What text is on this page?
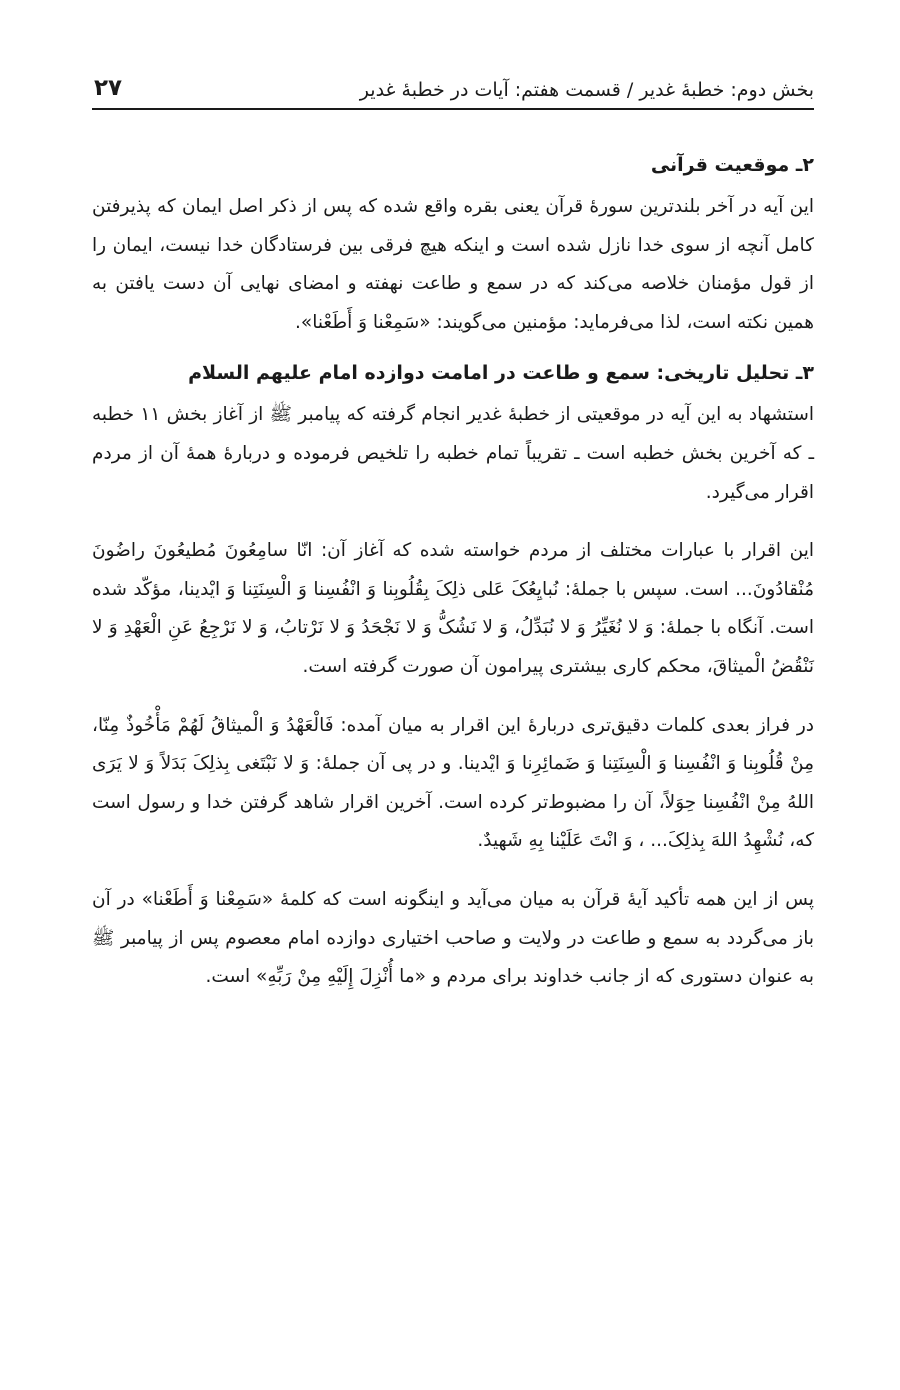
بخش دوم: خطبۀ غدیر / قسمت هفتم: آیات در خطبۀ غدیر
۲۷
۲ـ موقعیت قرآنی

این آیه در آخر بلندترین سورۀ قرآن یعنی بقره واقع شده که پس از ذکر اصل ایمان که پذیرفتن کامل آنچه از سوی خدا نازل شده است و اینکه هیچ فرقی بین فرستادگان خدا نیست، ایمان را از قول مؤمنان خلاصه می‌کند که در سمع و طاعت نهفته و امضای نهایی آن دست یافتن به همین نکته است، لذا می‌فرماید: مؤمنین می‌گویند: «سَمِعْنا وَ أَطَعْنا».

۳ـ تحلیل تاریخی: سمع و طاعت در امامت دوازده امام عليهم السلام

استشهاد به این آیه در موقعیتی از خطبۀ غدیر انجام گرفته که پیامبر ﷺ از آغاز بخش ۱۱ خطبه ـ که آخرین بخش خطبه است ـ تقریباً تمام خطبه را تلخیص فرموده و دربارۀ همۀ آن از مردم اقرار می‌گیرد.

این اقرار با عبارات مختلف از مردم خواسته شده که آغاز آن: انّا سامِعُونَ مُطیعُونَ راضُونَ مُنْقادُونَ... است. سپس با جملۀ: نُبایِعُکَ عَلی ذلِکَ بِقُلُوبِنا وَ انْفُسِنا وَ الْسِنَتِنا وَ ایْدینا، مؤکّد شده است. آنگاه با جملۀ: وَ لا نُغَیِّرُ وَ لا نُبَدِّلُ، وَ لا نَشُکُّ وَ لا نَجْحَدُ وَ لا نَرْتابُ، وَ لا نَرْجِعُ عَنِ الْعَهْدِ وَ لا نَنْقُضُ الْمیثاقَ، محکم کاری بیشتری پیرامون آن صورت گرفته است.

در فراز بعدی کلمات دقیق‌تری دربارۀ این اقرار به میان آمده: فَالْعَهْدُ وَ الْمیثاقُ لَهُمْ مَأْخُوذٌ مِنّا، مِنْ قُلُوبِنا وَ انْفُسِنا وَ الْسِنَتِنا وَ ضَمائِرِنا وَ ایْدینا. و در پی آن جملۀ: وَ لا نَبْتَغی بِذلِکَ بَدَلاً وَ لا یَرَی اللهُ مِنْ انْفُسِنا حِوَلاً، آن را مضبوط‌تر کرده است. آخرین اقرار شاهد گرفتن خدا و رسول است که، نُشْهِدُ اللهَ بِذلِکَ... ، وَ انْتَ عَلَیْنا بِهِ شَهیدٌ.

پس از این همه تأکید آیۀ قرآن به میان می‌آید و اینگونه است که کلمۀ «سَمِعْنا وَ أَطَعْنا» در آن باز می‌گردد به سمع و طاعت در ولایت و صاحب اختیاری دوازده امام معصوم پس از پیامبر ﷺ به عنوان دستوری که از جانب خداوند برای مردم و «ما أُنْزِلَ إِلَیْهِ مِنْ رَبِّهِ» است.
